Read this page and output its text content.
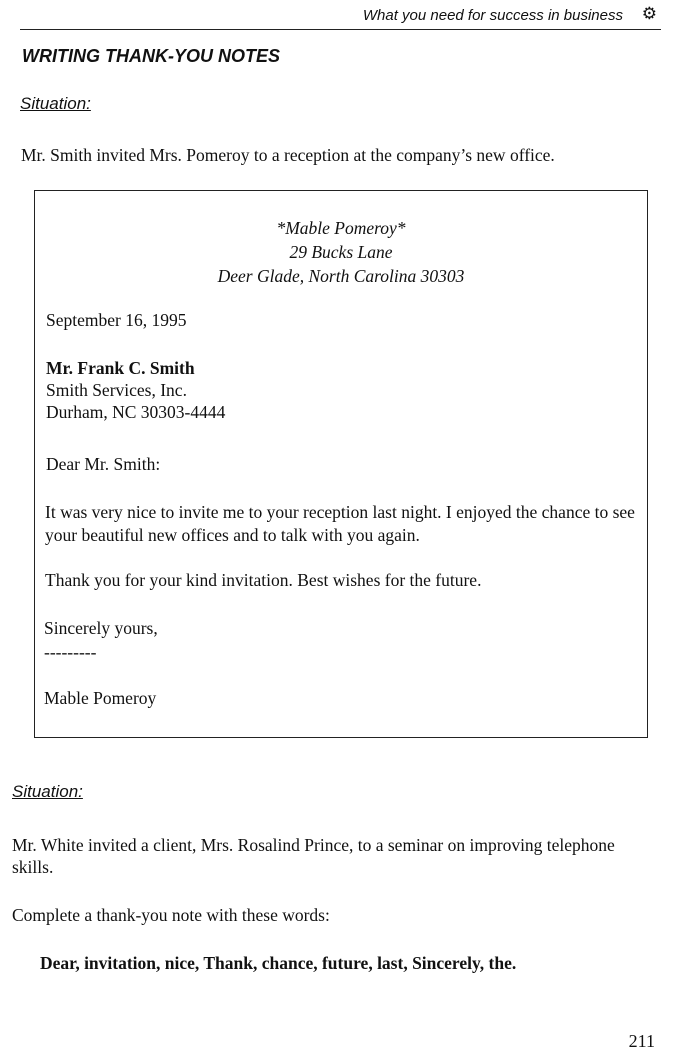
What you need for success in business ⚙
WRITING THANK-YOU NOTES
Situation:
Mr. Smith invited Mrs. Pomeroy to a reception at the company’s new office.
*Mable Pomeroy*
29 Bucks Lane
Deer Glade, North Carolina 30303
September 16, 1995
Mr. Frank C. Smith
Smith Services, Inc.
Durham, NC 30303-4444
Dear Mr. Smith:
It was very nice to invite me to your reception last night. I enjoyed the chance to see your beautiful new offices and to talk with you again.
Thank you for your kind invitation. Best wishes for the future.
Sincerely yours,
---------
Mable Pomeroy
Situation:
Mr. White invited a client, Mrs. Rosalind Prince, to a seminar on improving telephone skills.
Complete a thank-you note with these words:
Dear, invitation, nice, Thank, chance, future, last, Sincerely, the.
211
